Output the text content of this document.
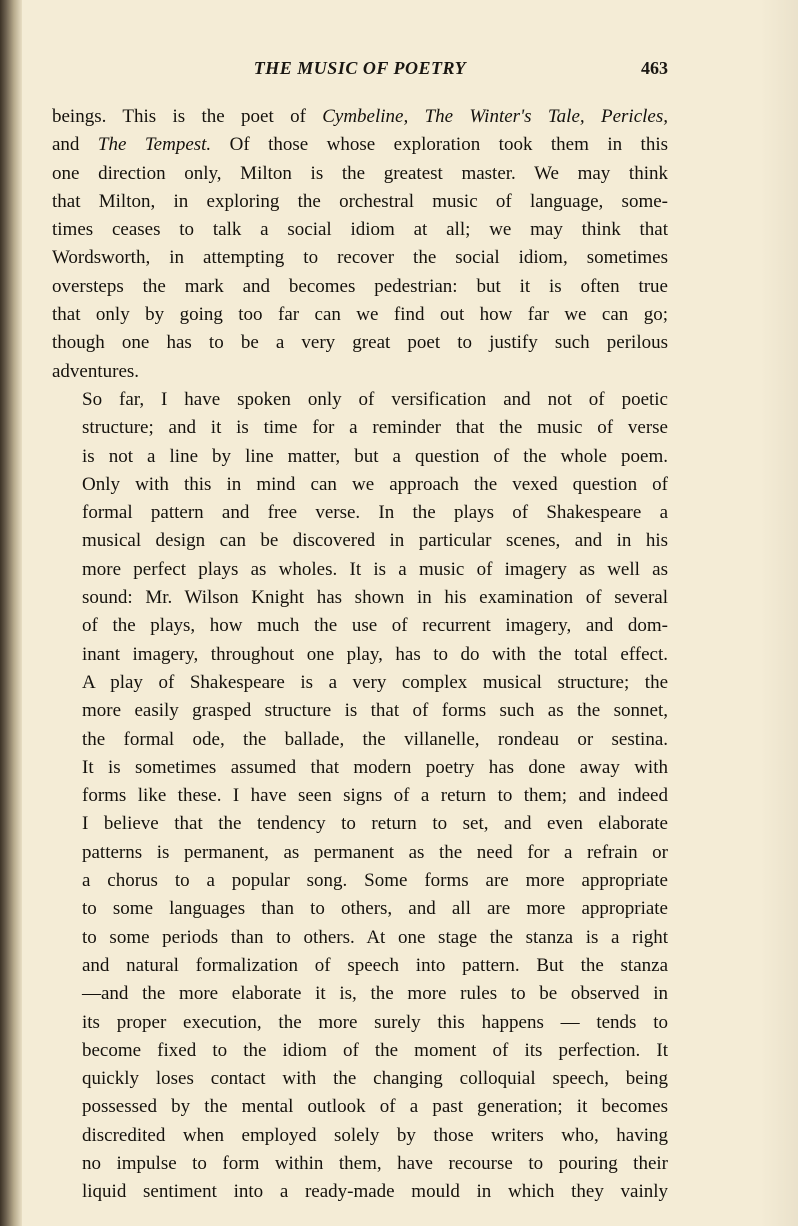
THE MUSIC OF POETRY	463

beings. This is the poet of Cymbeline, The Winter's Tale, Pericles,
and The Tempest. Of those whose exploration took them in this
one direction only, Milton is the greatest master. We may think
that Milton, in exploring the orchestral music of language, some-
times ceases to talk a social idiom at all; we may think that
Wordsworth, in attempting to recover the social idiom, sometimes
oversteps the mark and becomes pedestrian: but it is often true
that only by going too far can we find out how far we can go;
though one has to be a very great poet to justify such perilous
adventures.

So far, I have spoken only of versification and not of poetic
structure; and it is time for a reminder that the music of verse
is not a line by line matter, but a question of the whole poem.
Only with this in mind can we approach the vexed question of
formal pattern and free verse. In the plays of Shakespeare a
musical design can be discovered in particular scenes, and in his
more perfect plays as wholes. It is a music of imagery as well as
sound: Mr. Wilson Knight has shown in his examination of several
of the plays, how much the use of recurrent imagery, and dom-
inant imagery, throughout one play, has to do with the total effect.
A play of Shakespeare is a very complex musical structure; the
more easily grasped structure is that of forms such as the sonnet,
the formal ode, the ballade, the villanelle, rondeau or sestina.
It is sometimes assumed that modern poetry has done away with
forms like these. I have seen signs of a return to them; and indeed
I believe that the tendency to return to set, and even elaborate
patterns is permanent, as permanent as the need for a refrain or
a chorus to a popular song. Some forms are more appropriate
to some languages than to others, and all are more appropriate
to some periods than to others. At one stage the stanza is a right
and natural formalization of speech into pattern. But the stanza
—and the more elaborate it is, the more rules to be observed in
its proper execution, the more surely this happens — tends to
become fixed to the idiom of the moment of its perfection. It
quickly loses contact with the changing colloquial speech, being
possessed by the mental outlook of a past generation; it becomes
discredited when employed solely by those writers who, having
no impulse to form within them, have recourse to pouring their
liquid sentiment into a ready-made mould in which they vainly
